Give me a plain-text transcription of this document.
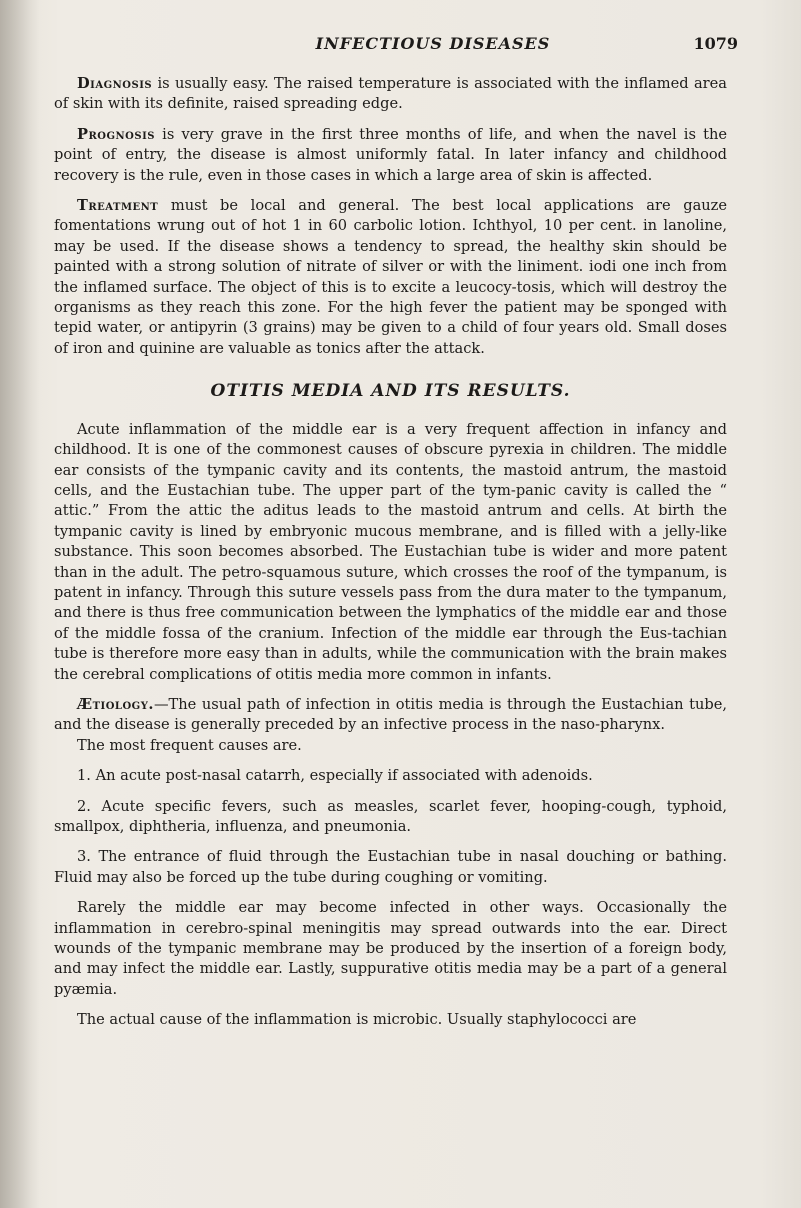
INFECTIOUS DISEASES	1079

Diagnosis is usually easy. The raised temperature is associated with the inflamed area of skin with its definite, raised spreading edge.

Prognosis is very grave in the first three months of life, and when the navel is the point of entry, the disease is almost uniformly fatal. In later infancy and childhood recovery is the rule, even in those cases in which a large area of skin is affected.

Treatment must be local and general. The best local applications are gauze fomentations wrung out of hot 1 in 60 carbolic lotion. Ichthyol, 10 per cent. in lanoline, may be used. If the disease shows a tendency to spread, the healthy skin should be painted with a strong solution of nitrate of silver or with the liniment. iodi one inch from the inflamed surface. The object of this is to excite a leucocy-tosis, which will destroy the organisms as they reach this zone. For the high fever the patient may be sponged with tepid water, or antipyrin (3 grains) may be given to a child of four years old. Small doses of iron and quinine are valuable as tonics after the attack.

OTITIS MEDIA AND ITS RESULTS.

Acute inflammation of the middle ear is a very frequent affection in infancy and childhood. It is one of the commonest causes of obscure pyrexia in children. The middle ear consists of the tympanic cavity and its contents, the mastoid antrum, the mastoid cells, and the Eustachian tube. The upper part of the tym-panic cavity is called the “ attic.” From the attic the aditus leads to the mastoid antrum and cells. At birth the tympanic cavity is lined by embryonic mucous membrane, and is filled with a jelly-like substance. This soon becomes absorbed. The Eustachian tube is wider and more patent than in the adult. The petro-squamous suture, which crosses the roof of the tympanum, is patent in infancy. Through this suture vessels pass from the dura mater to the tympanum, and there is thus free communication between the lymphatics of the middle ear and those of the middle fossa of the cranium. Infection of the middle ear through the Eus-tachian tube is therefore more easy than in adults, while the communication with the brain makes the cerebral complications of otitis media more common in infants.

Ætiology.—The usual path of infection in otitis media is through the Eustachian tube, and the disease is generally preceded by an infective process in the naso-pharynx.

The most frequent causes are.

1. An acute post-nasal catarrh, especially if associated with adenoids.

2. Acute specific fevers, such as measles, scarlet fever, hooping-cough, typhoid, smallpox, diphtheria, influenza, and pneumonia.

3. The entrance of fluid through the Eustachian tube in nasal douching or bathing. Fluid may also be forced up the tube during coughing or vomiting.

Rarely the middle ear may become infected in other ways. Occasionally the inflammation in cerebro-spinal meningitis may spread outwards into the ear. Direct wounds of the tympanic membrane may be produced by the insertion of a foreign body, and may infect the middle ear. Lastly, suppurative otitis media may be a part of a general pyæmia.

The actual cause of the inflammation is microbic. Usually staphylococci are
